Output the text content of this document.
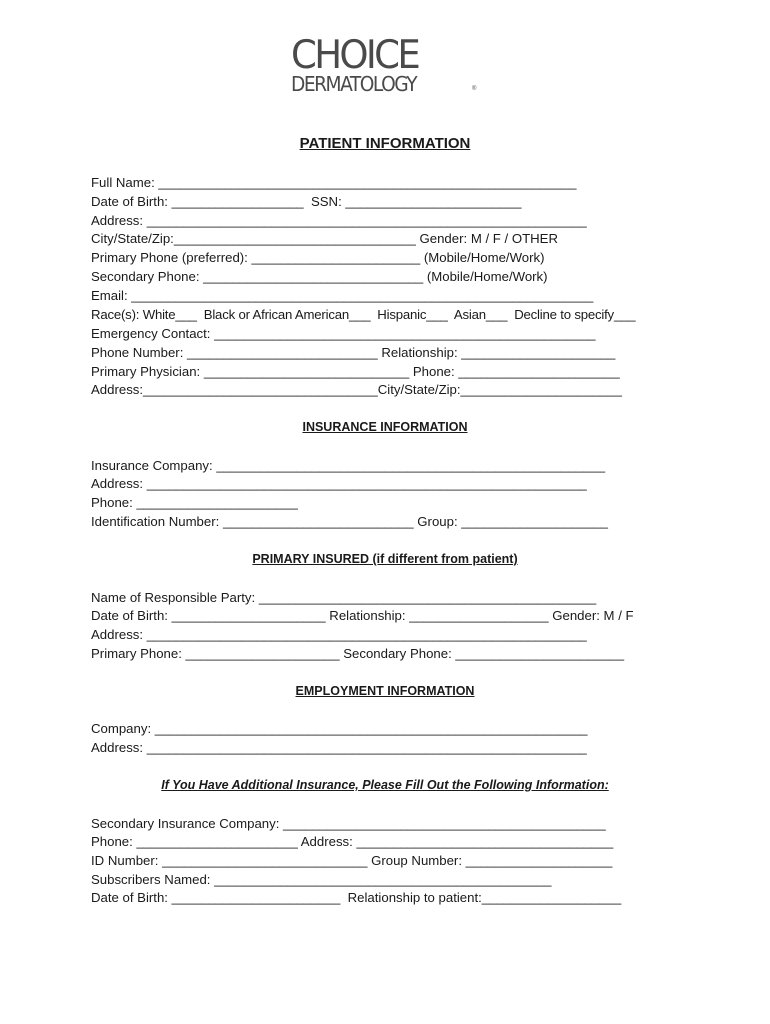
CHOICE
DERMATOLOGY	®
PATIENT INFORMATION
Full Name: _________________________________________________________
Date of Birth: __________________  SSN: ________________________
Address: ____________________________________________________________
City/State/Zip:_________________________________ Gender: M / F / OTHER
Primary Phone (preferred): _______________________ (Mobile/Home/Work)
Secondary Phone: ______________________________ (Mobile/Home/Work)
Email: _______________________________________________________________
Race(s): White___  Black or African American___  Hispanic___  Asian___  Decline to specify___
Emergency Contact: ____________________________________________________
Phone Number: __________________________ Relationship: _____________________
Primary Physician: ____________________________ Phone: ______________________
Address:________________________________City/State/Zip:______________________
INSURANCE INFORMATION
Insurance Company: _____________________________________________________
Address: ____________________________________________________________
Phone: ______________________
Identification Number: __________________________ Group: ____________________
PRIMARY INSURED (if different from patient)
Name of Responsible Party: ______________________________________________
Date of Birth: _____________________ Relationship: ___________________ Gender: M / F
Address: ____________________________________________________________
Primary Phone: _____________________ Secondary Phone: _______________________
EMPLOYMENT INFORMATION
Company: ___________________________________________________________
Address: ____________________________________________________________
If You Have Additional Insurance, Please Fill Out the Following Information:
Secondary Insurance Company: ____________________________________________
Phone: ______________________ Address: ___________________________________
ID Number: ____________________________ Group Number: ____________________
Subscribers Named: ______________________________________________
Date of Birth: _______________________  Relationship to patient:___________________
